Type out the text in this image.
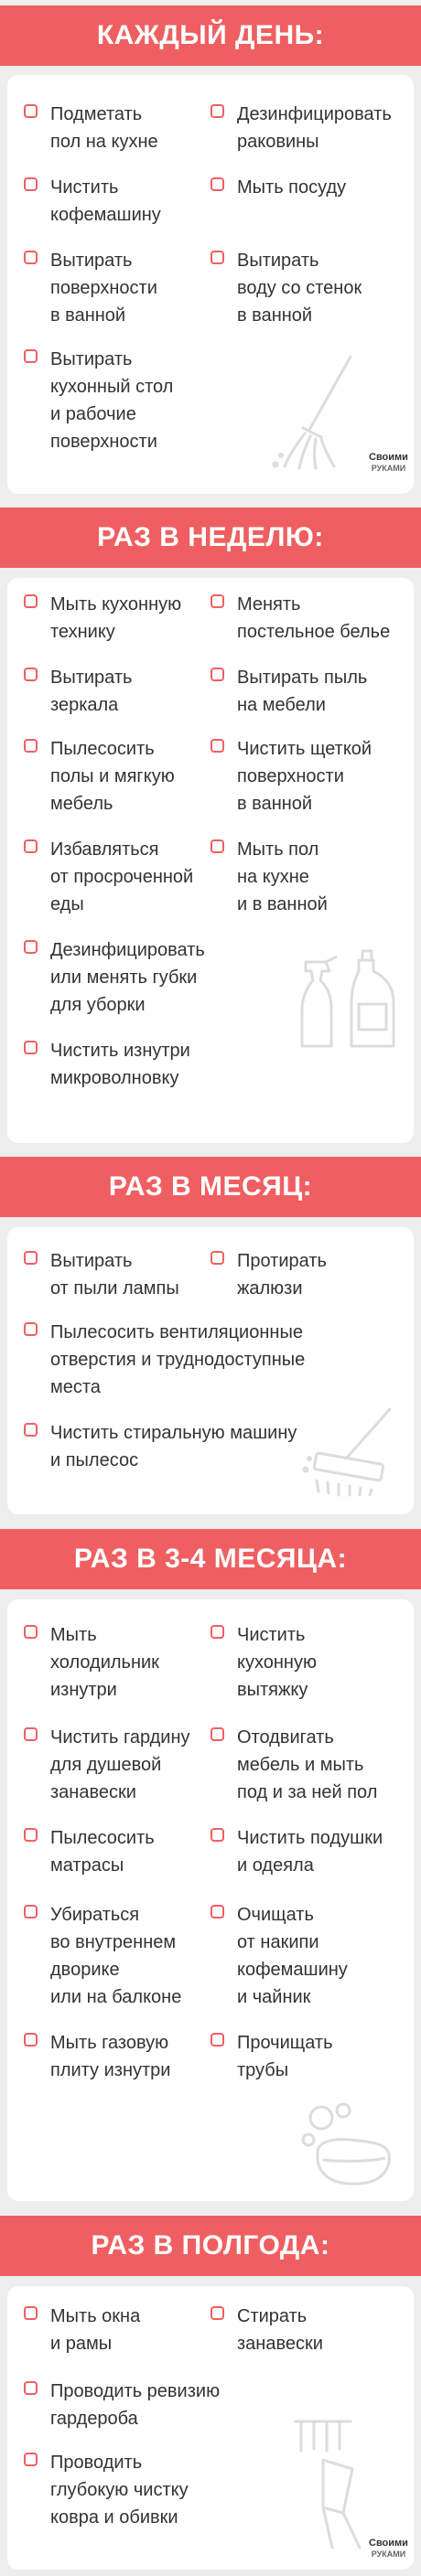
КАЖДЫЙ ДЕНЬ:
Подметать
пол на кухне
Дезинфицировать
раковины
Чистить
кофемашину
Мыть посуду
Вытирать
поверхности
в ванной
Вытирать
воду со стенок
в ванной
Вытирать
кухонный стол
и рабочие
поверхности
Своими
РУКАМИ
РАЗ В НЕДЕЛЮ:
Мыть кухонную
технику
Менять
постельное белье
Вытирать
зеркала
Вытирать пыль
на мебели
Пылесосить
полы и мягкую
мебель
Чистить щеткой
поверхности
в ванной
Избавляться
от просроченной
еды
Мыть пол
на кухне
и в ванной
Дезинфицировать
или менять губки
для уборки
Чистить изнутри
микроволновку
РАЗ В МЕСЯЦ:
Вытирать
от пыли лампы
Протирать
жалюзи
Пылесосить вентиляционные
отверстия и труднодоступные
места
Чистить стиральную машину
и пылесос
РАЗ В 3-4 МЕСЯЦА:
Мыть
холодильник
изнутри
Чистить
кухонную
вытяжку
Чистить гардину
для душевой
занавески
Отодвигать
мебель и мыть
под и за ней пол
Пылесосить
матрасы
Чистить подушки
и одеяла
Убираться
во внутреннем
дворике
или на балконе
Очищать
от накипи
кофемашину
и чайник
Мыть газовую
плиту изнутри
Прочищать
трубы
РАЗ В ПОЛГОДА:
Мыть окна
и рамы
Стирать
занавески
Проводить ревизию
гардероба
Проводить
глубокую чистку
ковра и обивки
Своими
РУКАМИ
